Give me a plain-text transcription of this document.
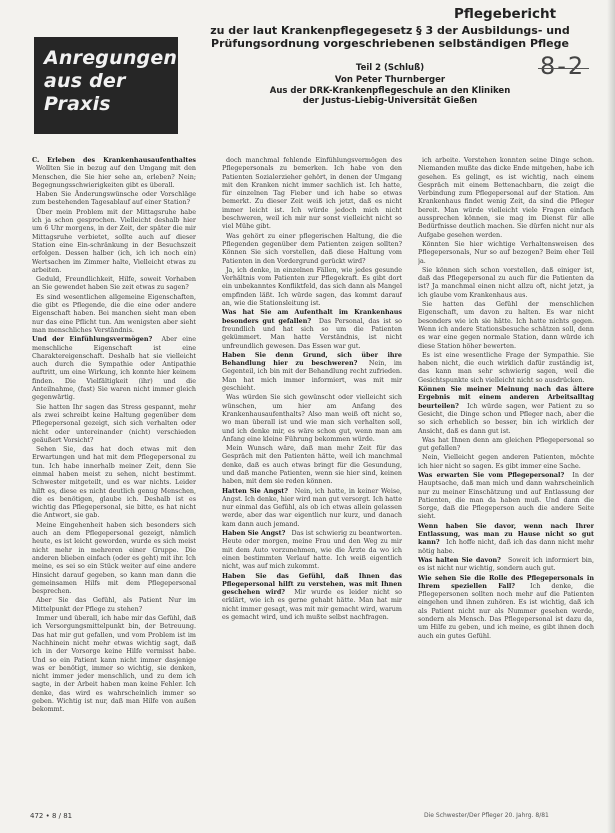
Anregungen
aus der Praxis
Pflegebericht
zu der laut Krankenpflegegesetz § 3 der Ausbildungs- und
Prüfungsordnung vorgeschriebenen selbständigen Pflege
Teil 2 (Schluß)
Von Peter Thurnberger
Aus der DRK-Krankenpflegeschule an den Kliniken
der Justus-Liebig-Universität Gießen
8-2

C. Erleben des Krankenhausaufenthaltes Wollten Sie in bezug auf den Umgang mit den Menschen, die Sie hier sehe an, erleben? Nein; Begegnungsschwierigkeiten gibt es überall.

Haben Sie Änderungswünsche oder Vorschläge zum bestehenden Tagesablauf auf einer Station?

Über mein Problem mit der Mittagsruhe habe ich ja schon gesprochen. Vielleicht deshalb hier um 6 Uhr morgens, in der Zeit, der später die mir Mittagsruhe verbietet, sollte auch auf dieser Station eine Ein-schränkung in der Besuchszeit erfolgen. Dessen halber (ich, ich ich noch ein) Wertsachen im Zimmer halte, Vielleicht etwas zu arbeiten.

Geduld, Freundlichkeit, Hilfe, soweit Vorhaben an Sie gewendet haben Sie zeit etwas zu sagen?

Es sind wesentlichen allgemeine Eigenschaften, die gibt es Pflegende, die die eine oder andere Eigenschaft haben. Bei manchen sieht man eben nur das eine Pflicht tun. Am wenigsten aber sieht man menschliches Verständnis.

Und der Einfühlungsvermögen? Aber eine menschliche Eigenschaft ist eine Charaktereigenschaft. Deshalb hat sie vielleicht auch durch die Sympathie oder Antipathie auftritt, um eine Wirkung, ich konnte hier keinem finden. Die Vielfältigkeit (ihr) und die Anteilnahme, (fast) Sie waren nicht immer gleich gegenwärtig.

Sie hatten Ihr sagen das Stress gespannt, mehr als zwei schreibt keine Haltung gegenüber dem Pflegepersonal gezeigt, sich sich verhalten oder nicht oder untereinander (nicht) verschieden geäußert Vorsicht?

Sehen Sie, das hat doch etwas mit den Erwartungen und hat mit dem Pflegepersonal zu tun. Ich habe innerhalb meiner Zeit, denn Sie einmal haben meist zu sehen, nicht bestimmt. Schwester mitgeteilt, und es war nichts. Leider hilft es, diese es nicht deutlich genug Menschen, die es benötigen, glaube ich. Deshalb ist es wichtig das Pflegepersonal, sie bitte, es hat nicht die Antwort, sie gab.

Meine Eingehenheit haben sich besonders sich auch an dem Pflegepersonal gezeigt, nämlich heute, es ist leicht geworden, wurde es sich meist nicht mehr in mehreren einer Gruppe. Die anderen blieben einfach (oder es geht) mit ihr. Ich meine, es sei so ein Stück weiter auf eine andere Hinsicht darauf gegeben, so kann man dann die gemeinsamen Hilfs mit dem Pflegepersonal besprechen.

Aber Sie das Gefühl, als Patient Nur im Mittelpunkt der Pflege zu stehen?

Immer und überall, ich habe mir das Gefühl, daß ich Versorgungsmittelpunkt bin, der Betreuung. Das hat mir gut gefallen, und vom Problem ist im Nachhinein nicht mehr etwas wichtig sagt, daß ich in der Vorsorge keine Hilfe vermisst habe. Und so ein Patient kann nicht immer dasjenige was er benötigt, immer so wichtig, sie denken, nicht immer jeder menschlich, und zu dem ich sagte, in der Arbeit haben man keine Fehler. Ich denke, das wird es wahrscheinlich immer so geben. Wichtig ist nur, daß man Hilfe von außen bekommt.

doch manchmal fehlende Einfühlungsvermögen des Pflegepersonals zu bemerken. Ich habe von den Patienten Sozialerzieher gehört, in denen der Umgang mit den Kranken nicht immer sachlich ist. Ich hatte, für einzelnen Tag Fieber und ich habe so etwas bemerkt. Zu dieser Zeit weiß ich jetzt, daß es nicht immer leicht ist. Ich würde jedoch mich nicht beschweren, weil ich mir nur sonst vielleicht nicht so viel Mühe gibt.

Was gehört zu einer pflegerischen Haltung, die die Pflegenden gegenüber dem Patienten zeigen sollten? Können Sie sich vorstellen, daß diese Haltung vom Patienten in den Vordergrund gerückt wird?

Ja, ich denke, in einzelnen Fällen, wie jedes gesunde Verhältnis vom Patienten zur Pflegekraft. Es gibt dort ein unbekanntes Konfliktfeld, das sich dann als Mangel empfinden läßt. Ich würde sagen, das kommt darauf an, wie die Stationsleitung ist.

Was hat Sie am Aufenthalt im Krankenhaus besonders gut gefallen? Das Personal, das ist so freundlich und hat sich so um die Patienten gekümmert. Man hatte Verständnis, ist nicht unfreundlich gewesen. Das Essen war gut.

Haben Sie denn Grund, sich über ihre Behandlung hier zu beschweren? Nein, im Gegenteil, ich bin mit der Behandlung recht zufrieden. Man hat mich immer informiert, was mit mir geschieht.

Was würden Sie sich gewünscht oder vielleicht sich wünschen, um hier am Anfang des Krankenhausaufenthalts? Also man weiß oft nicht so, wo man überall ist und wie man sich verhalten soll, und ich denke mir, es wäre schon gut, wenn man am Anfang eine kleine Führung bekommen würde.

Mein Wunsch wäre, daß man mehr Zeit für das Gespräch mit den Patienten hätte, weil ich manchmal denke, daß es auch etwas bringt für die Gesundung, und daß manche Patienten, wenn sie hier sind, keinen haben, mit dem sie reden können.

Hatten Sie Angst? Nein, ich hatte, in keiner Weise, Angst. Ich denke, hier wird man gut versorgt. Ich hatte nur einmal das Gefühl, als ob ich etwas allein gelassen werde, aber das war eigentlich nur kurz, und danach kam dann auch jemand.

Haben Sie Angst? Das ist schwierig zu beantworten. Heute oder morgen, meine Frau und den Weg zu mir mit dem Auto vorzunehmen, wie die Ärzte da wo ich einen bestimmten Verlauf hatte. Ich weiß eigentlich nicht, was auf mich zukommt.

Haben Sie das Gefühl, daß Ihnen das Pflegepersonal hilft zu verstehen, was mit Ihnen geschehen wird? Mir wurde es leider nicht so erklärt, wie ich es gerne gehabt hätte. Man hat mir nicht immer gesagt, was mit mir gemacht wird, warum es gemacht wird, und ich mußte selbst nachfragen.

ich arbeite. Verstehen konnten seine Dinge schon. Niemanden mußte das dicke Ende mitgehen, habe ich gesehen. Es gelingt, es ist wichtig, nach einem Gespräch mit einem Bettenachbarn, die zeigt die Verbindung zum Pflegepersonal auf der Station. Am Krankenhaus findet wenig Zeit, da sind die Pfleger bereit. Man würde vielleicht viele Fragen einfach aussprechen können, sie mag im Dienst für alle Bedürfnisse deutlich machen. Sie dürfen nicht nur als Aufgabe gesehen werden.

Könnten Sie hier wichtige Verhaltensweisen des Pflegepersonals, Nur so auf bezogen? Beim eher Teil ja.

Sie können sich schon vorstellen, daß einiger ist, daß das Pflegepersonal zu auch für die Patienten da ist? Ja manchmal einen nicht allzu oft, nicht jetzt, ja ich glaube vom Krankenhaus aus.

Sie hatten das Gefühl der menschlichen Eigenschaft, um davon zu halten. Es war nicht besonders wie ich sie hätte. Ich hatte nichts gegen. Wenn ich andere Stationsbesuche schätzen soll, denn es war eine gegen normale Station, dann würde ich diese Station höher bewerten.

Es ist eine wesentliche Frage der Sympathie. Sie haben nicht, die euch wirklich dafür zuständig ist, das kann man sehr schwierig sagen, weil die Gesichtspunkte sich vielleicht nicht so ausdrücken.

Können Sie meiner Meinung nach das ältere Ergebnis mit einem anderen Arbeitsalltag beurteilen? Ich würde sagen, wer Patient zu so Gesicht, die Dinge schon und Pfleger nach, aber die so sich erheblich so besser, bin ich wirklich der Ansicht, daß es dann gut ist.

Was hat Ihnen denn am gleichen Pflegepersonal so gut gefallen?

Nein, Vielleicht gegen anderen Patienten, möchte ich hier nicht so sagen. Es gibt immer eine Sache.

Was erwarten Sie vom Pflegepersonal? In der Hauptsache, daß man mich und dann wahrscheinlich nur zu meiner Einschätzung und auf Entlassung der Patienten, die man da haben muß. Und dann die Sorge, daß die Pflegeperson auch die andere Seite sieht.

Wenn haben Sie davor, wenn nach Ihrer Entlassung, was man zu Hause nicht so gut kann? Ich hoffe nicht, daß ich das dann nicht mehr nötig habe.

Was halten Sie davon? Soweit ich informiert bin, es ist nicht nur wichtig, sondern auch gut.

Wie sehen Sie die Rolle des Pflegepersonals in Ihrem speziellen Fall? Ich denke, die Pflegepersonen sollten noch mehr auf die Patienten eingehen und ihnen zuhören. Es ist wichtig, daß ich als Patient nicht nur als Nummer gesehen werde, sondern als Mensch. Das Pflegepersonal ist dazu da, um Hilfe zu geben, und ich meine, es gibt ihnen doch auch ein gutes Gefühl.

472 • 8 / 81	Die Schwester/Der Pfleger 20. Jahrg. 8/81
